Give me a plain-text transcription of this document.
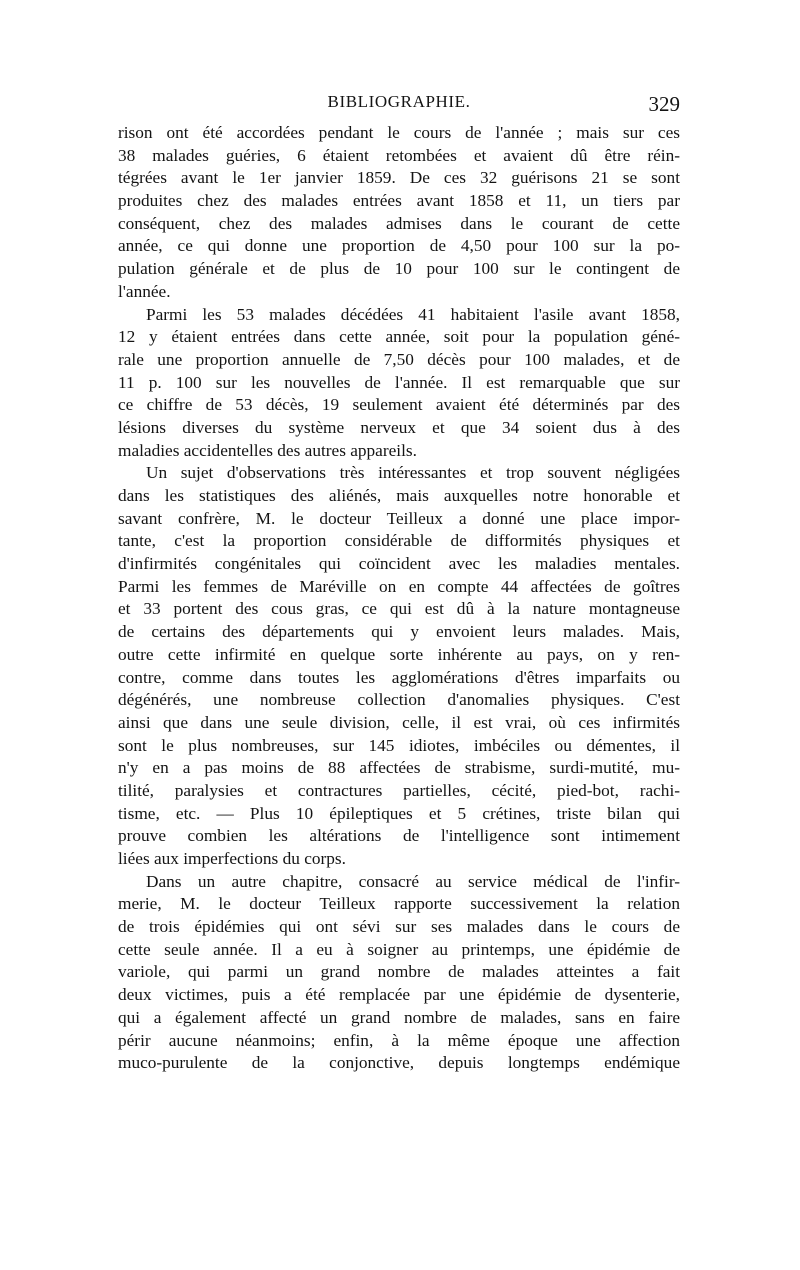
BIBLIOGRAPHIE.	329
rison ont été accordées pendant le cours de l'année ; mais sur ces
38 malades guéries, 6 étaient retombées et avaient dû être réin-
tégrées avant le 1er janvier 1859. De ces 32 guérisons 21 se sont
produites chez des malades entrées avant 1858 et 11, un tiers par
conséquent, chez des malades admises dans le courant de cette
année, ce qui donne une proportion de 4,50 pour 100 sur la po-
pulation générale et de plus de 10 pour 100 sur le contingent de
l'année.
Parmi les 53 malades décédées 41 habitaient l'asile avant 1858,
12 y étaient entrées dans cette année, soit pour la population géné-
rale une proportion annuelle de 7,50 décès pour 100 malades, et de
11 p. 100 sur les nouvelles de l'année. Il est remarquable que sur
ce chiffre de 53 décès, 19 seulement avaient été déterminés par des
lésions diverses du système nerveux et que 34 soient dus à des
maladies accidentelles des autres appareils.
Un sujet d'observations très intéressantes et trop souvent négligées
dans les statistiques des aliénés, mais auxquelles notre honorable et
savant confrère, M. le docteur Teilleux a donné une place impor-
tante, c'est la proportion considérable de difformités physiques et
d'infirmités congénitales qui coïncident avec les maladies mentales.
Parmi les femmes de Maréville on en compte 44 affectées de goîtres
et 33 portent des cous gras, ce qui est dû à la nature montagneuse
de certains des départements qui y envoient leurs malades. Mais,
outre cette infirmité en quelque sorte inhérente au pays, on y ren-
contre, comme dans toutes les agglomérations d'êtres imparfaits ou
dégénérés, une nombreuse collection d'anomalies physiques. C'est
ainsi que dans une seule division, celle, il est vrai, où ces infirmités
sont le plus nombreuses, sur 145 idiotes, imbéciles ou démentes, il
n'y en a pas moins de 88 affectées de strabisme, surdi-mutité, mu-
tilité, paralysies et contractures partielles, cécité, pied-bot, rachi-
tisme, etc. — Plus 10 épileptiques et 5 crétines, triste bilan qui
prouve combien les altérations de l'intelligence sont intimement
liées aux imperfections du corps.
Dans un autre chapitre, consacré au service médical de l'infir-
merie, M. le docteur Teilleux rapporte successivement la relation
de trois épidémies qui ont sévi sur ses malades dans le cours de
cette seule année. Il a eu à soigner au printemps, une épidémie de
variole, qui parmi un grand nombre de malades atteintes a fait
deux victimes, puis a été remplacée par une épidémie de dysenterie,
qui a également affecté un grand nombre de malades, sans en faire
périr aucune néanmoins; enfin, à la même époque une affection
muco-purulente de la conjonctive, depuis longtemps endémique
